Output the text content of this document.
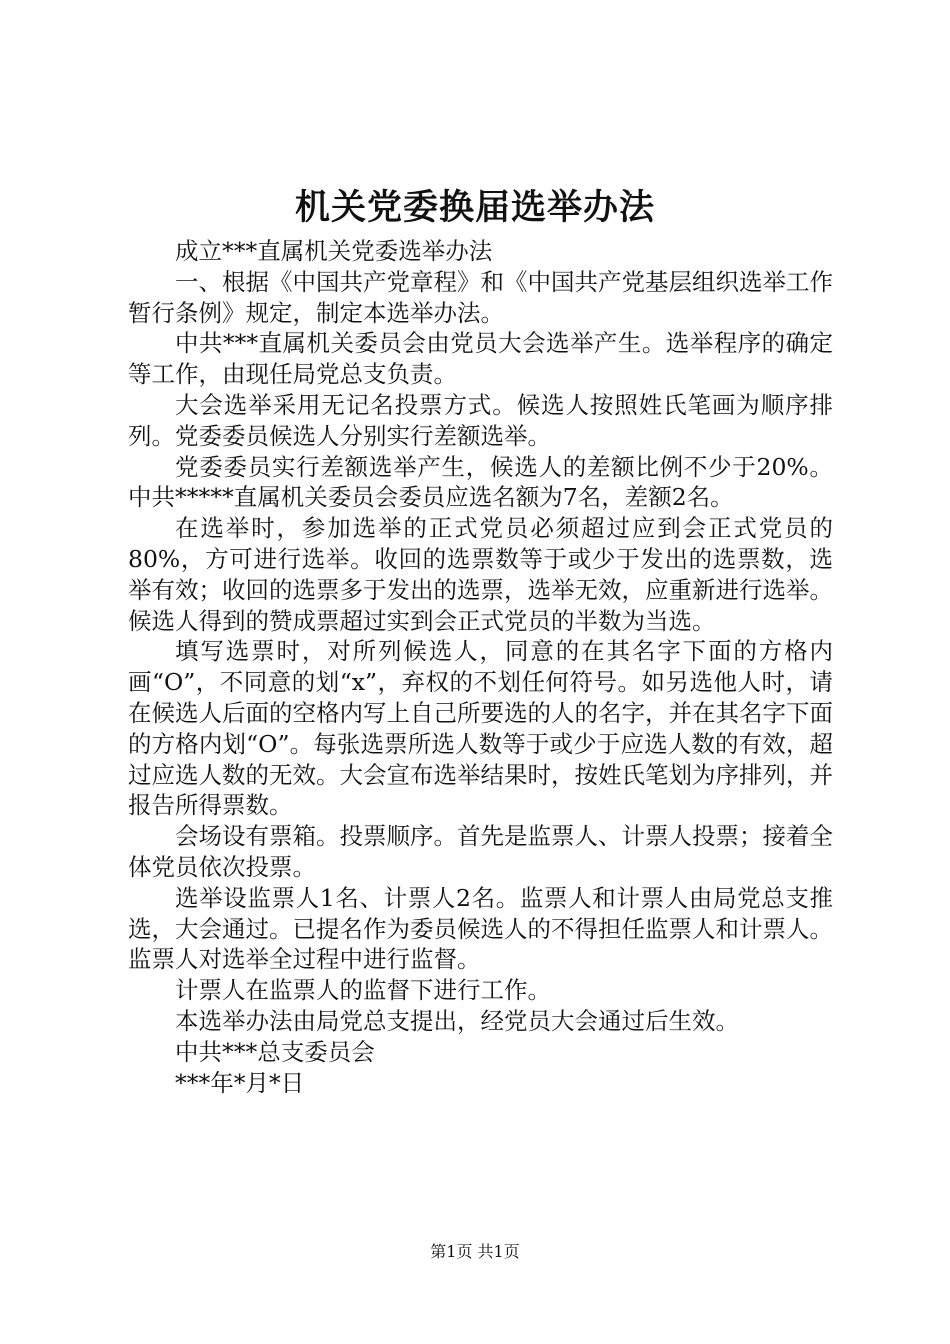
机关党委换届选举办法

成立***直属机关党委选举办法

一、根据《中国共产党章程》和《中国共产党基层组织选举工作暂行条例》规定，制定本选举办法。

中共***直属机关委员会由党员大会选举产生。选举程序的确定等工作，由现任局党总支负责。

大会选举采用无记名投票方式。候选人按照姓氏笔画为顺序排列。党委委员候选人分别实行差额选举。

党委委员实行差额选举产生，候选人的差额比例不少于20%。中共*****直属机关委员会委员应选名额为7名，差额2名。

在选举时，参加选举的正式党员必须超过应到会正式党员的80%，方可进行选举。收回的选票数等于或少于发出的选票数，选举有效；收回的选票多于发出的选票，选举无效，应重新进行选举。候选人得到的赞成票超过实到会正式党员的半数为当选。

填写选票时，对所列候选人，同意的在其名字下面的方格内画“O”，不同意的划“x”，弃权的不划任何符号。如另选他人时，请在候选人后面的空格内写上自己所要选的人的名字，并在其名字下面的方格内划“O”。每张选票所选人数等于或少于应选人数的有效，超过应选人数的无效。大会宣布选举结果时，按姓氏笔划为序排列，并报告所得票数。

会场设有票箱。投票顺序。首先是监票人、计票人投票；接着全体党员依次投票。

选举设监票人1名、计票人2名。监票人和计票人由局党总支推选，大会通过。已提名作为委员候选人的不得担任监票人和计票人。监票人对选举全过程中进行监督。

计票人在监票人的监督下进行工作。

本选举办法由局党总支提出，经党员大会通过后生效。

中共***总支委员会

***年*月*日

第1页 共1页
